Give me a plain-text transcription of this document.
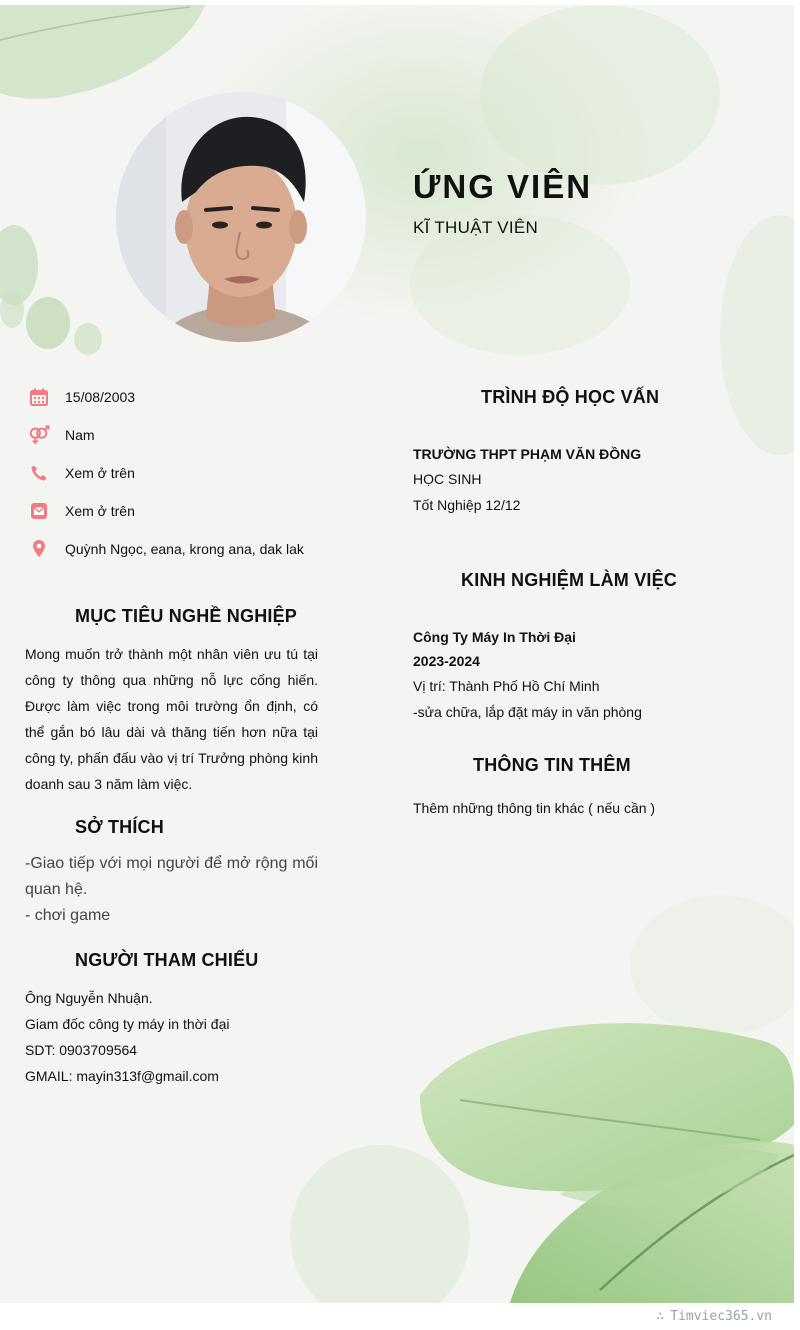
ỨNG VIÊN
KĨ THUẬT VIÊN
15/08/2003
Nam
Xem ở trên
Xem ở trên
Quỳnh Ngọc, eana, krong ana, dak lak
MỤC TIÊU NGHỀ NGHIỆP
Mong muốn trở thành một nhân viên ưu tú tại công ty thông qua những nỗ lực cống hiến. Được làm việc trong môi trường ổn định, có thể gắn bó lâu dài và thăng tiến hơn nữa tại công ty, phấn đấu vào vị trí Trưởng phòng kinh doanh sau 3 năm làm việc.
SỞ THÍCH
-Giao tiếp với mọi người để mở rộng mối quan hệ.
- chơi game
NGƯỜI THAM CHIẾU
Ông Nguyễn Nhuận.
Giam đốc công ty máy in thời đại
SDT: 0903709564
GMAIL: mayin313f@gmail.com
TRÌNH ĐỘ HỌC VẤN
TRƯỜNG THPT PHẠM VĂN ĐỒNG
HỌC SINH
Tốt Nghiệp 12/12
KINH NGHIỆM LÀM VIỆC
Công Ty Máy In Thời Đại
2023-2024
Vị trí: Thành Phố Hồ Chí Minh
-sửa chữa, lắp đặt máy in văn phòng
THÔNG TIN THÊM
Thêm những thông tin khác ( nếu cần )
∴ Timviec365.vn
